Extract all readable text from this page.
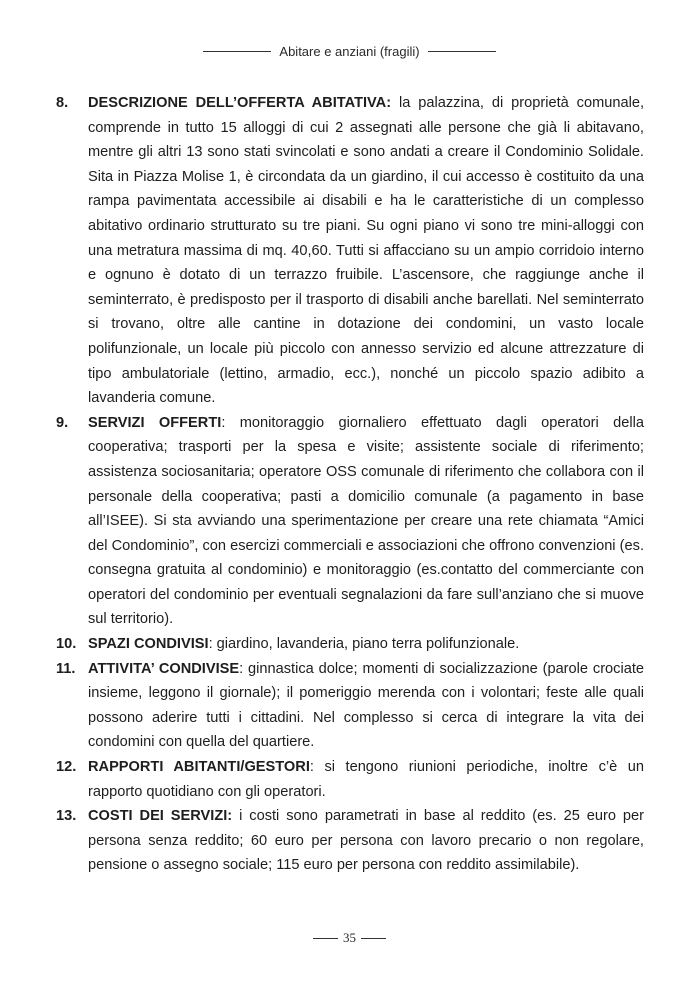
Abitare e anziani (fragili)
8. DESCRIZIONE DELL’OFFERTA ABITATIVA: la palazzina, di proprietà comunale, comprende in tutto 15 alloggi di cui 2 assegnati alle persone che già li abitavano, mentre gli altri 13 sono stati svincolati e sono andati a creare il Condominio Solidale. Sita in Piazza Molise 1, è circondata da un giardino, il cui accesso è costituito da una rampa pavimentata accessibile ai disabili e ha le caratteristiche di un complesso abitativo ordinario strutturato su tre piani. Su ogni piano vi sono tre mini-alloggi con una metratura massima di mq. 40,60. Tutti si affacciano su un ampio corridoio interno e ognuno è dotato di un terrazzo fruibile. L’ascensore, che raggiunge anche il seminterrato, è predisposto per il trasporto di disabili anche barellati. Nel seminterrato si trovano, oltre alle cantine in dotazione dei condomini, un vasto locale polifunzionale, un locale più piccolo con annesso servizio ed alcune attrezzature di tipo ambulatoriale (lettino, armadio, ecc.), nonché un piccolo spazio adibito a lavanderia comune.
9. SERVIZI OFFERTI: monitoraggio giornaliero effettuato dagli operatori della cooperativa; trasporti per la spesa e visite; assistente sociale di riferimento; assistenza sociosanitaria; operatore OSS comunale di riferimento che collabora con il personale della cooperativa; pasti a domicilio comunale (a pagamento in base all’ISEE). Si sta avviando una sperimentazione per creare una rete chiamata “Amici del Condominio”, con esercizi commerciali e associazioni che offrono convenzioni (es. consegna gratuita al condominio) e monitoraggio (es.contatto del commerciante con operatori del condominio per eventuali segnalazioni da fare sull’anziano che si muove sul territorio).
10. SPAZI CONDIVISI: giardino, lavanderia, piano terra polifunzionale.
11. ATTIVITA’ CONDIVISE: ginnastica dolce; momenti di socializzazione (parole crociate insieme, leggono il giornale); il pomeriggio merenda con i volontari; feste alle quali possono aderire tutti i cittadini. Nel complesso si cerca di integrare la vita dei condomini con quella del quartiere.
12. RAPPORTI ABITANTI/GESTORI: si tengono riunioni periodiche, inoltre c’è un rapporto quotidiano con gli operatori.
13. COSTI DEI SERVIZI: i costi sono parametrati in base al reddito (es. 25 euro per persona senza reddito; 60 euro per persona con lavoro precario o non regolare, pensione o assegno sociale; 115 euro per persona con reddito assimilabile).
35
